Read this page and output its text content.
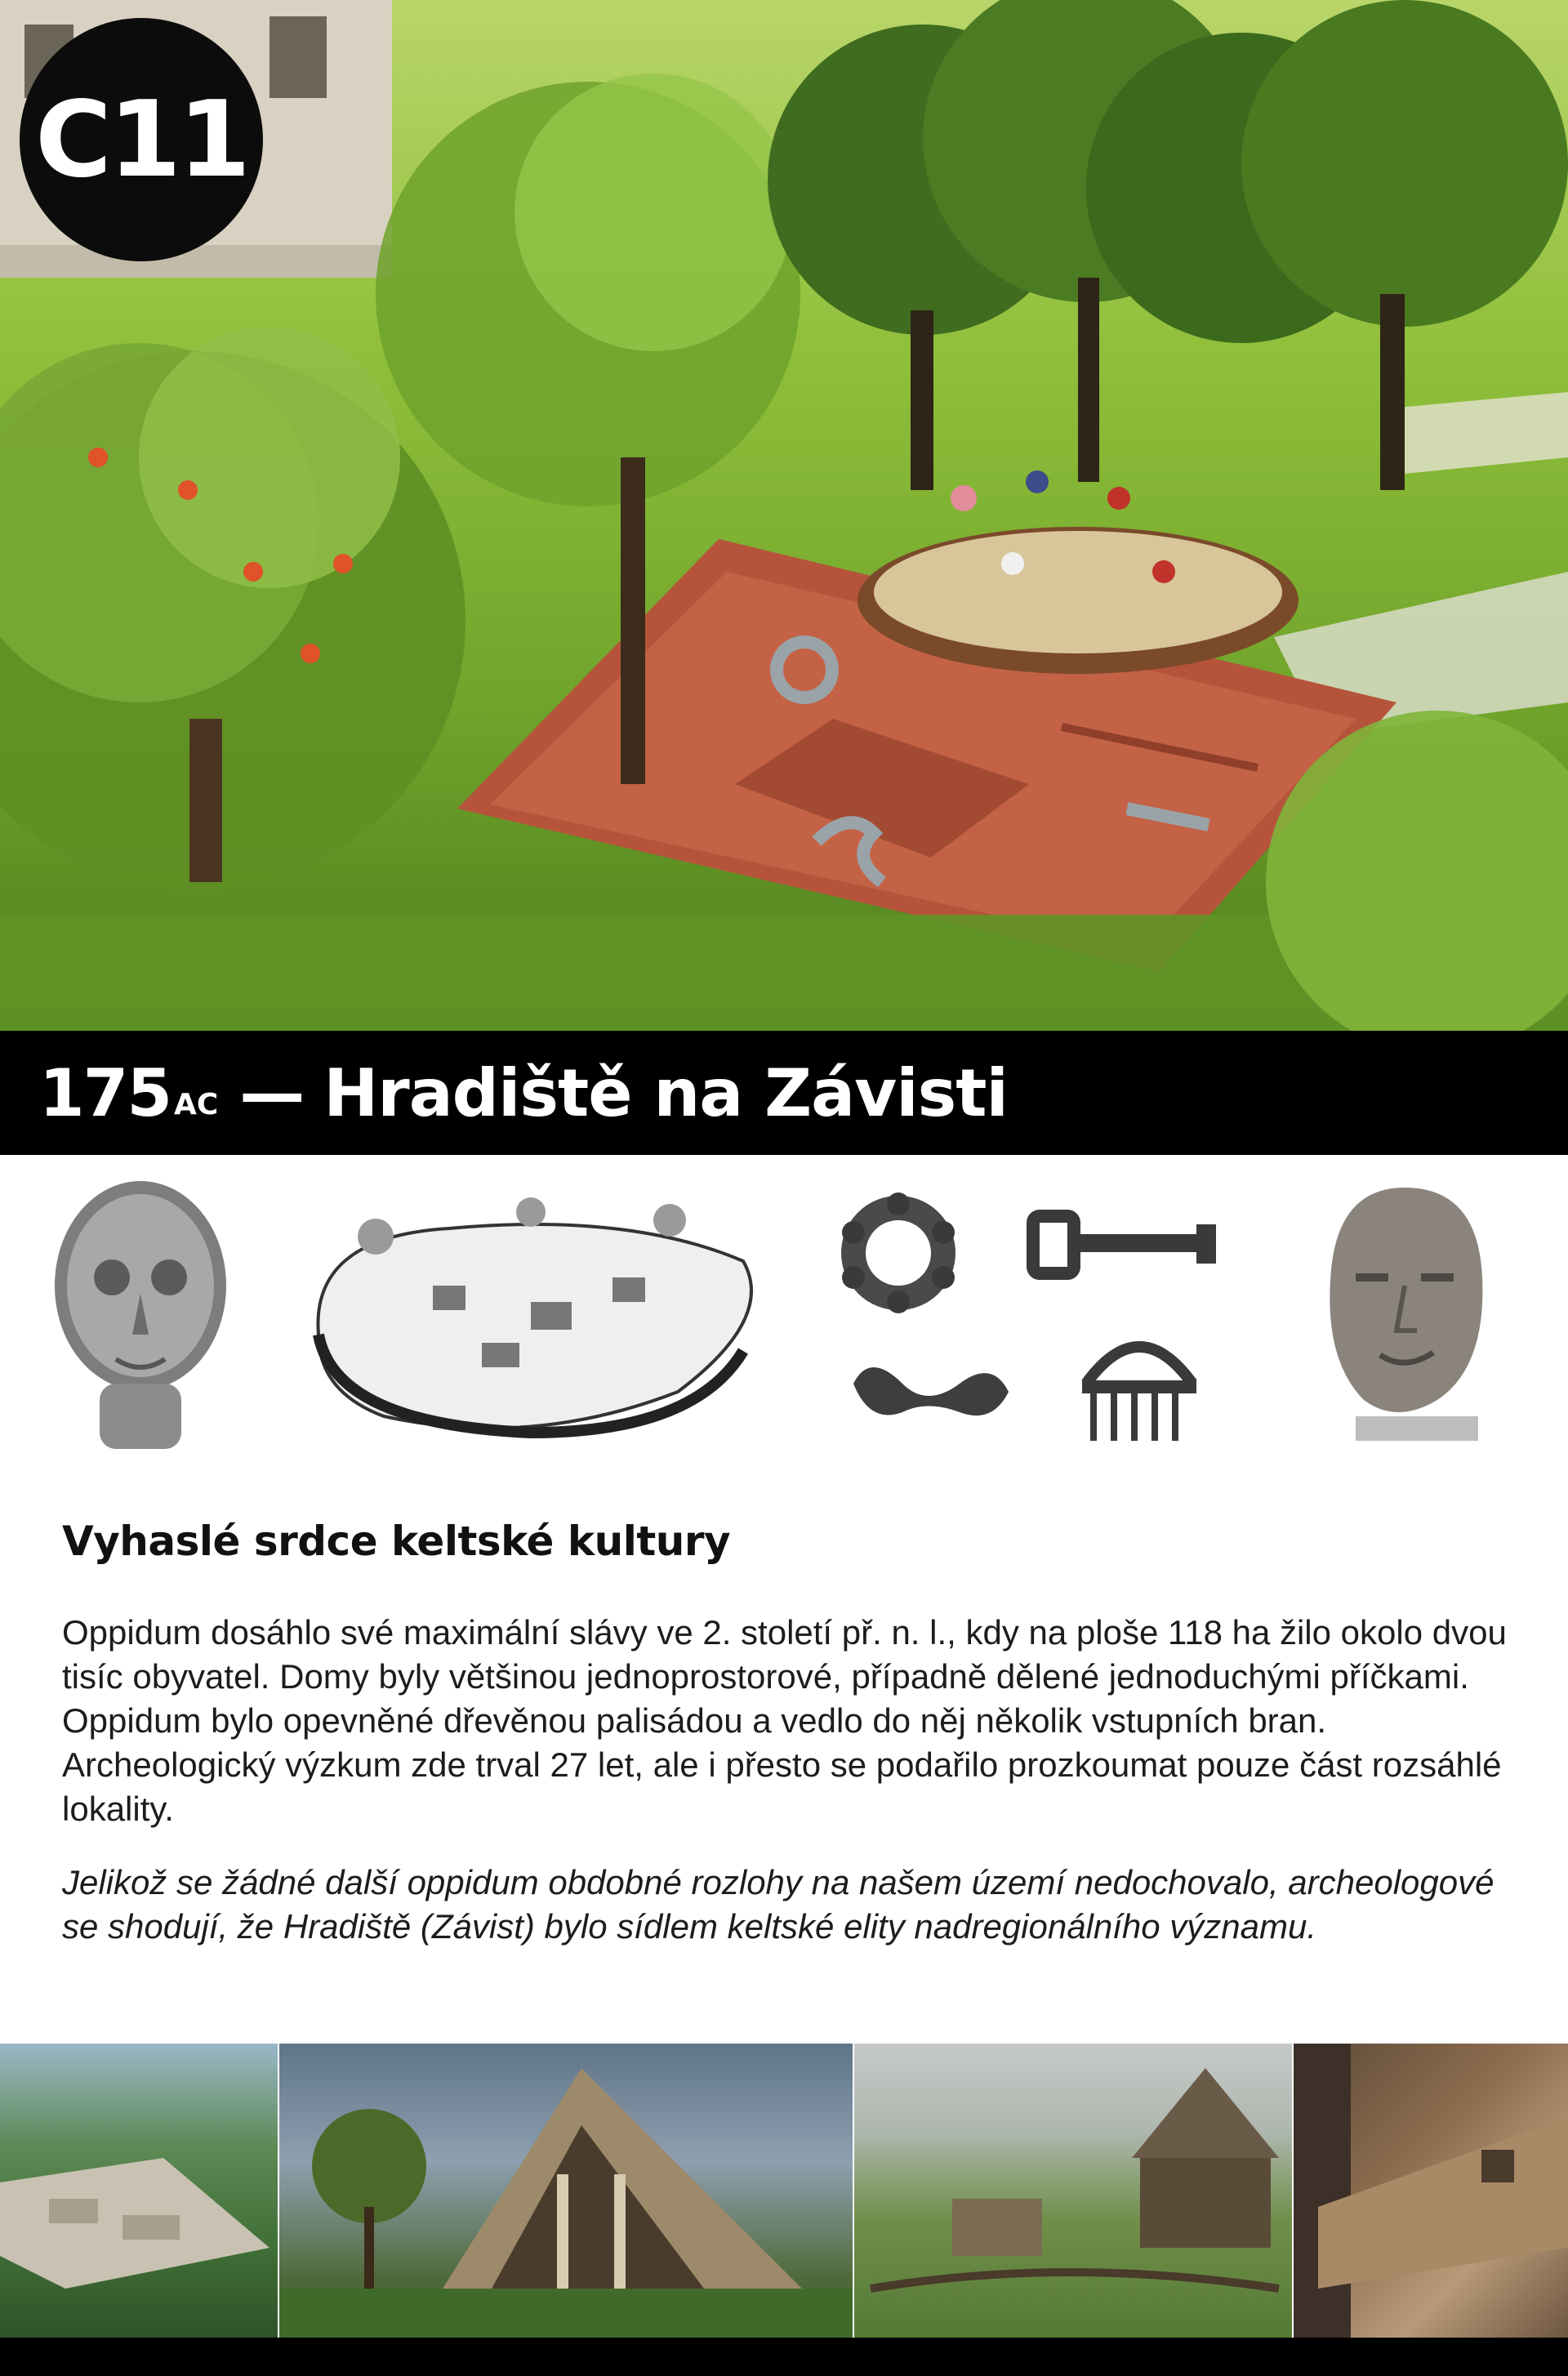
C11
175 AC — Hradiště na Závisti
Vyhaslé srdce keltské kultury

Oppidum dosáhlo své maximální slávy ve 2. století př. n. l., kdy na ploše 118 ha žilo okolo dvou tisíc obyvatel. Domy byly většinou jednoprostorové, případně dělené jednoduchými příčkami. Oppidum bylo opevněné dřevěnou palisádou a vedlo do něj několik vstupních bran. Archeologický výzkum zde trval 27 let, ale i přesto se podařilo prozkoumat pouze část rozsáhlé lokality.

Jelikož se žádné další oppidum obdobné rozlohy na našem území nedochovalo, archeologové se shodují, že Hradiště (Závist) bylo sídlem keltské elity nadregionálního významu.
